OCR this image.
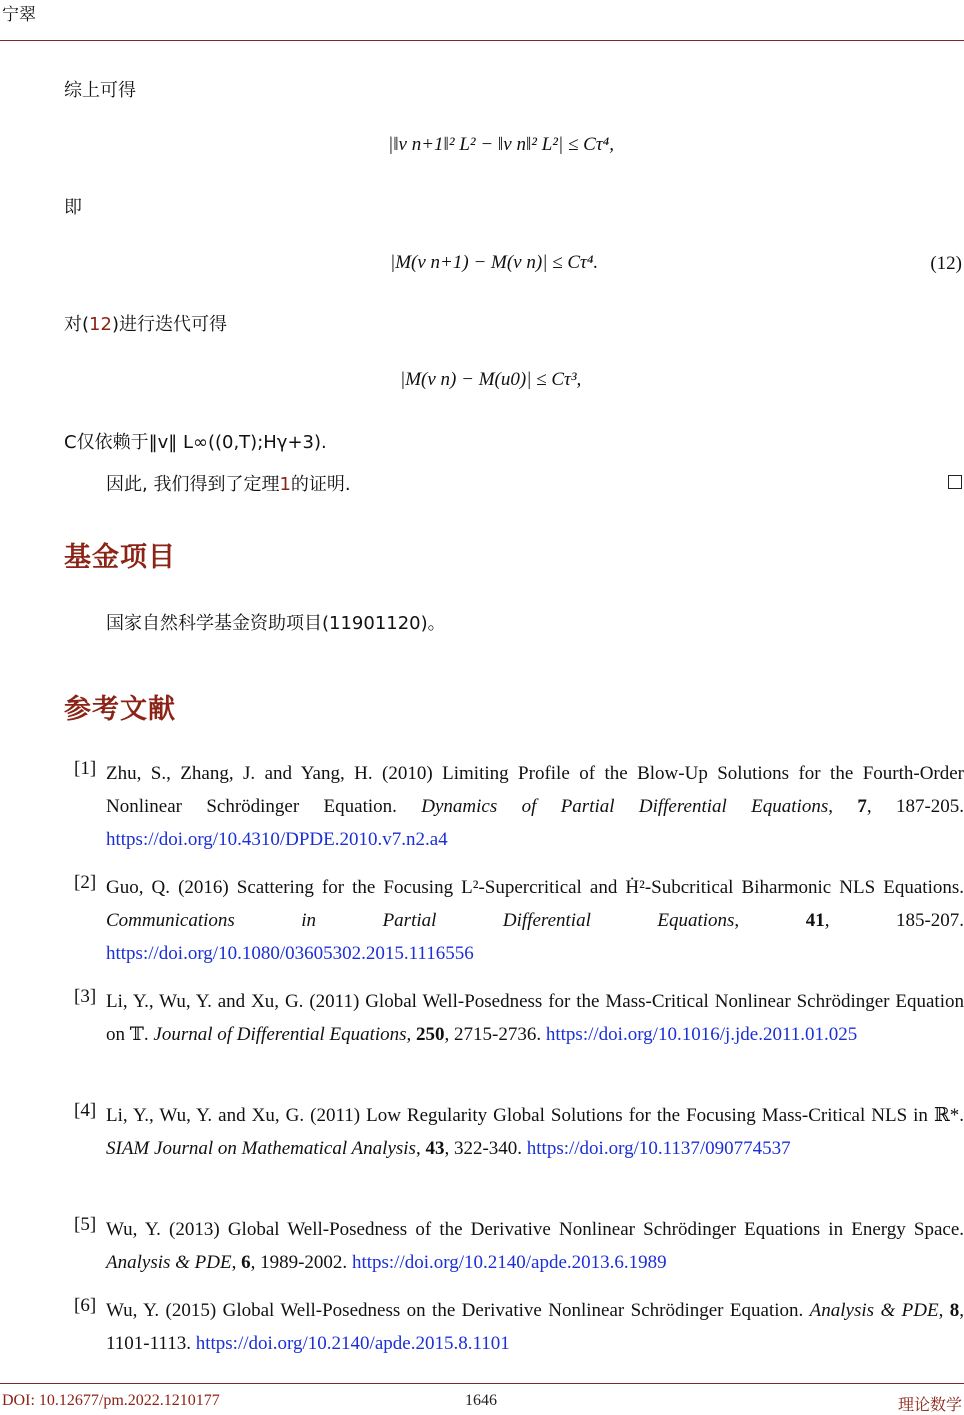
宁翠
综上可得
|‖v n+1‖² L² − ‖v n‖² L²| ≤ Cτ⁴,
即
|M(v n+1) − M(v n)| ≤ Cτ⁴.	(12)
对(12)进行迭代可得
|M(v n) − M(u0)| ≤ Cτ³,
C仅依赖于‖v‖ L∞((0,T);Hγ+3).
因此, 我们得到了定理1的证明.
基金项目
国家自然科学基金资助项目(11901120)。
参考文献
[1] Zhu, S., Zhang, J. and Yang, H. (2010) Limiting Profile of the Blow-Up Solutions for the Fourth-Order Nonlinear Schrödinger Equation. Dynamics of Partial Differential Equations, 7, 187-205. https://doi.org/10.4310/DPDE.2010.v7.n2.a4
[2] Guo, Q. (2016) Scattering for the Focusing L²-Supercritical and Ḣ²-Subcritical Biharmonic NLS Equations. Communications in Partial Differential Equations, 41, 185-207. https://doi.org/10.1080/03605302.2015.1116556
[3] Li, Y., Wu, Y. and Xu, G. (2011) Global Well-Posedness for the Mass-Critical Nonlinear Schrödinger Equation on 𝕋. Journal of Differential Equations, 250, 2715-2736. https://doi.org/10.1016/j.jde.2011.01.025
[4] Li, Y., Wu, Y. and Xu, G. (2011) Low Regularity Global Solutions for the Focusing Mass-Critical NLS in ℝ*. SIAM Journal on Mathematical Analysis, 43, 322-340. https://doi.org/10.1137/090774537
[5] Wu, Y. (2013) Global Well-Posedness of the Derivative Nonlinear Schrödinger Equations in Energy Space. Analysis & PDE, 6, 1989-2002. https://doi.org/10.2140/apde.2013.6.1989
[6] Wu, Y. (2015) Global Well-Posedness on the Derivative Nonlinear Schrödinger Equation. Analysis & PDE, 8, 1101-1113. https://doi.org/10.2140/apde.2015.8.1101
DOI: 10.12677/pm.2022.1210177	1646	理论数学
